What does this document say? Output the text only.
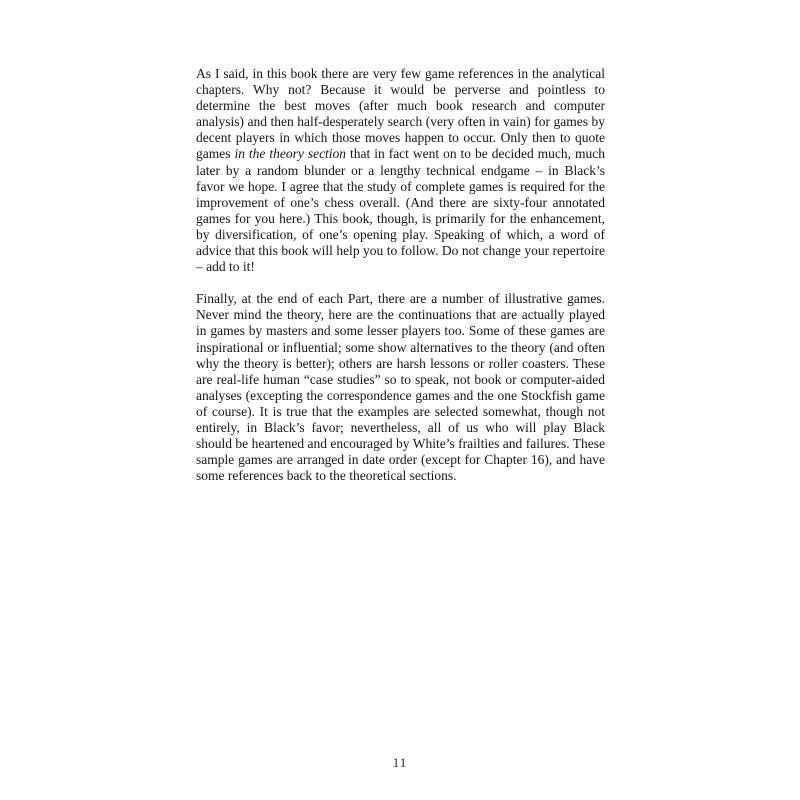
As I said, in this book there are very few game references in the analytical chapters. Why not? Because it would be perverse and pointless to determine the best moves (after much book research and computer analysis) and then half-desperately search (very often in vain) for games by decent players in which those moves happen to occur. Only then to quote games in the theory section that in fact went on to be decided much, much later by a random blunder or a lengthy technical endgame – in Black’s favor we hope. I agree that the study of complete games is required for the improvement of one’s chess overall. (And there are sixty-four annotated games for you here.) This book, though, is primarily for the enhancement, by diversification, of one’s opening play. Speaking of which, a word of advice that this book will help you to follow. Do not change your repertoire – add to it!

Finally, at the end of each Part, there are a number of illustrative games. Never mind the theory, here are the continuations that are actually played in games by masters and some lesser players too. Some of these games are inspirational or influential; some show alternatives to the theory (and often why the theory is better); others are harsh lessons or roller coasters. These are real-life human “case studies” so to speak, not book or computer-aided analyses (excepting the correspondence games and the one Stockfish game of course). It is true that the examples are selected somewhat, though not entirely, in Black’s favor; nevertheless, all of us who will play Black should be heartened and encouraged by White’s frailties and failures. These sample games are arranged in date order (except for Chapter 16), and have some references back to the theoretical sections.

11
